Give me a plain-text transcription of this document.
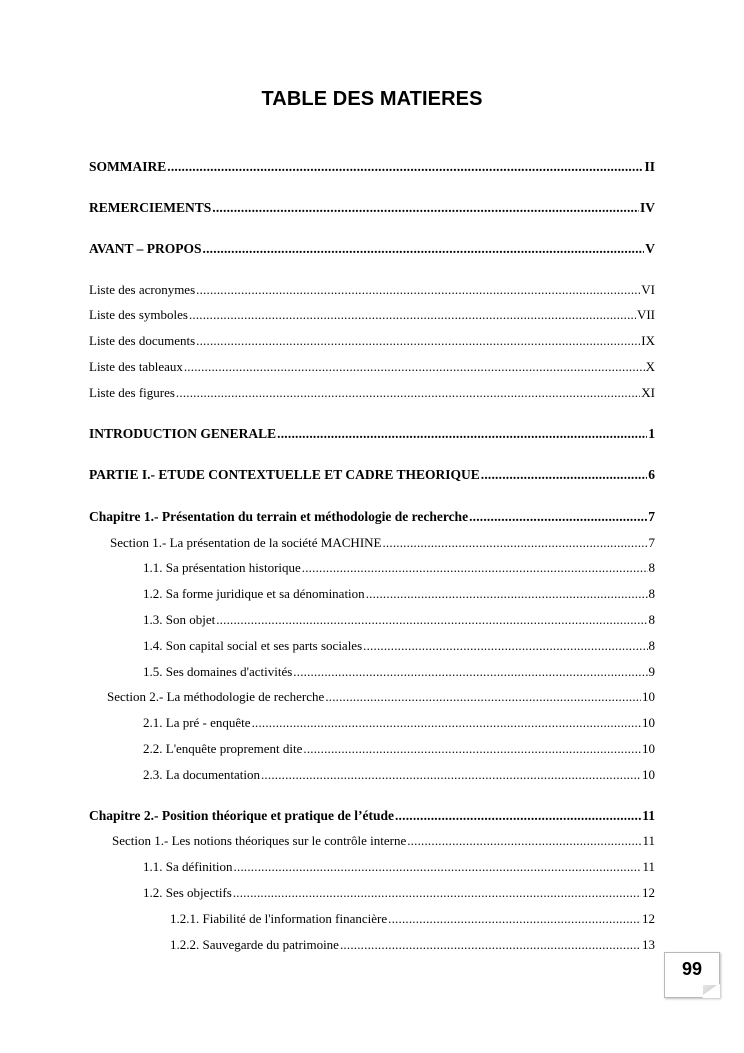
TABLE DES MATIERES
SOMMAIRE .....	II
REMERCIEMENTS .....	IV
AVANT – PROPOS .....	V
Liste des acronymes .....	VI
Liste des symboles .....	VII
Liste des documents .....	IX
Liste des tableaux .....	X
Liste des figures .....	XI
INTRODUCTION GENERALE .....	1
PARTIE I.- ETUDE CONTEXTUELLE ET CADRE THEORIQUE .....	6
Chapitre 1.- Présentation du terrain et méthodologie de recherche .....	7
Section 1.- La présentation de la société MACHINE .....	7
1.1. Sa présentation historique .....	8
1.2. Sa forme juridique et sa dénomination .....	8
1.3. Son objet .....	8
1.4. Son capital social et ses parts sociales .....	8
1.5. Ses domaines d'activités .....	9
Section 2.- La méthodologie de recherche .....	10
2.1. La pré - enquête .....	10
2.2. L'enquête proprement dite .....	10
2.3. La documentation .....	10
Chapitre 2.- Position théorique et pratique de l’étude .....	11
Section 1.- Les notions théoriques sur le contrôle interne .....	11
1.1. Sa définition .....	11
1.2. Ses objectifs .....	12
1.2.1. Fiabilité de l'information financière .....	12
1.2.2. Sauvegarde du patrimoine .....	13
99
